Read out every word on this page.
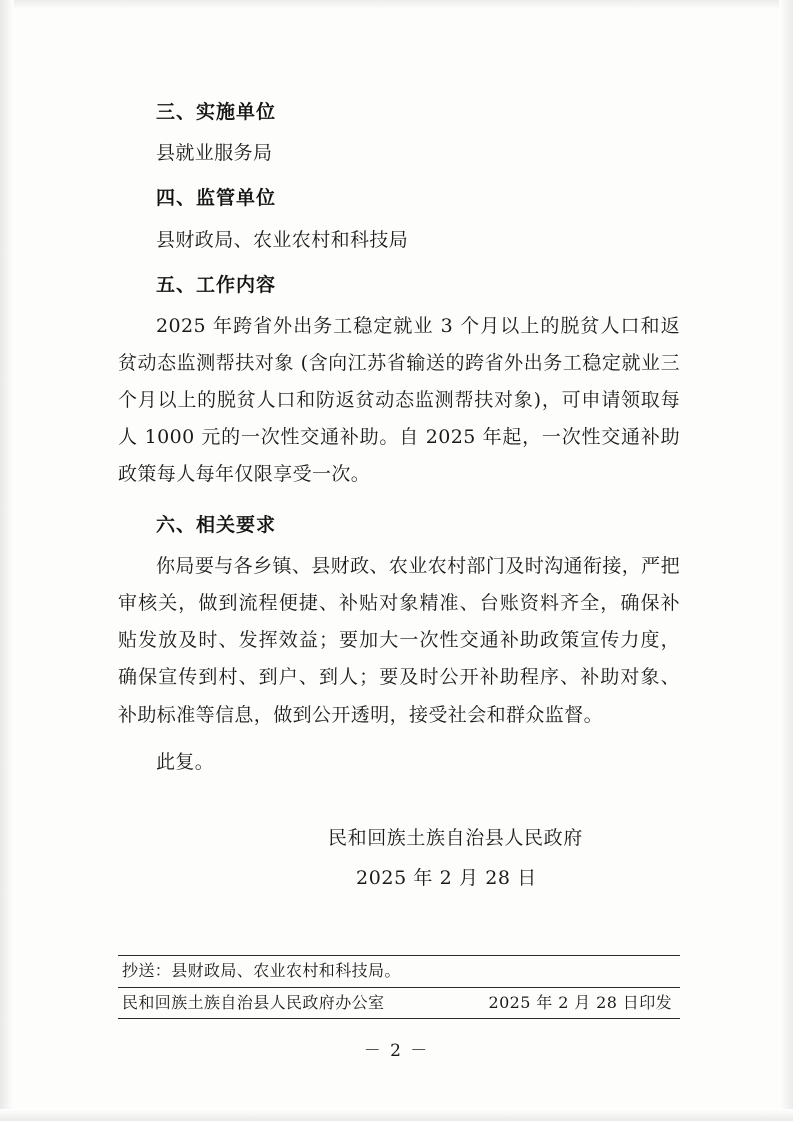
三、实施单位

县就业服务局

四、监管单位

县财政局、农业农村和科技局

五、工作内容

2025 年跨省外出务工稳定就业 3 个月以上的脱贫人口和返贫动态监测帮扶对象 (含向江苏省输送的跨省外出务工稳定就业三个月以上的脱贫人口和防返贫动态监测帮扶对象)，可申请领取每人 1000 元的一次性交通补助。自 2025 年起，一次性交通补助政策每人每年仅限享受一次。

六、相关要求

你局要与各乡镇、县财政、农业农村部门及时沟通衔接，严把审核关，做到流程便捷、补贴对象精准、台账资料齐全，确保补贴发放及时、发挥效益；要加大一次性交通补助政策宣传力度，确保宣传到村、到户、到人；要及时公开补助程序、补助对象、补助标准等信息，做到公开透明，接受社会和群众监督。

此复。

民和回族土族自治县人民政府
2025 年 2 月 28 日
抄送：县财政局、农业农村和科技局。
民和回族土族自治县人民政府办公室	2025 年 2 月 28 日印发
－ 2 －
